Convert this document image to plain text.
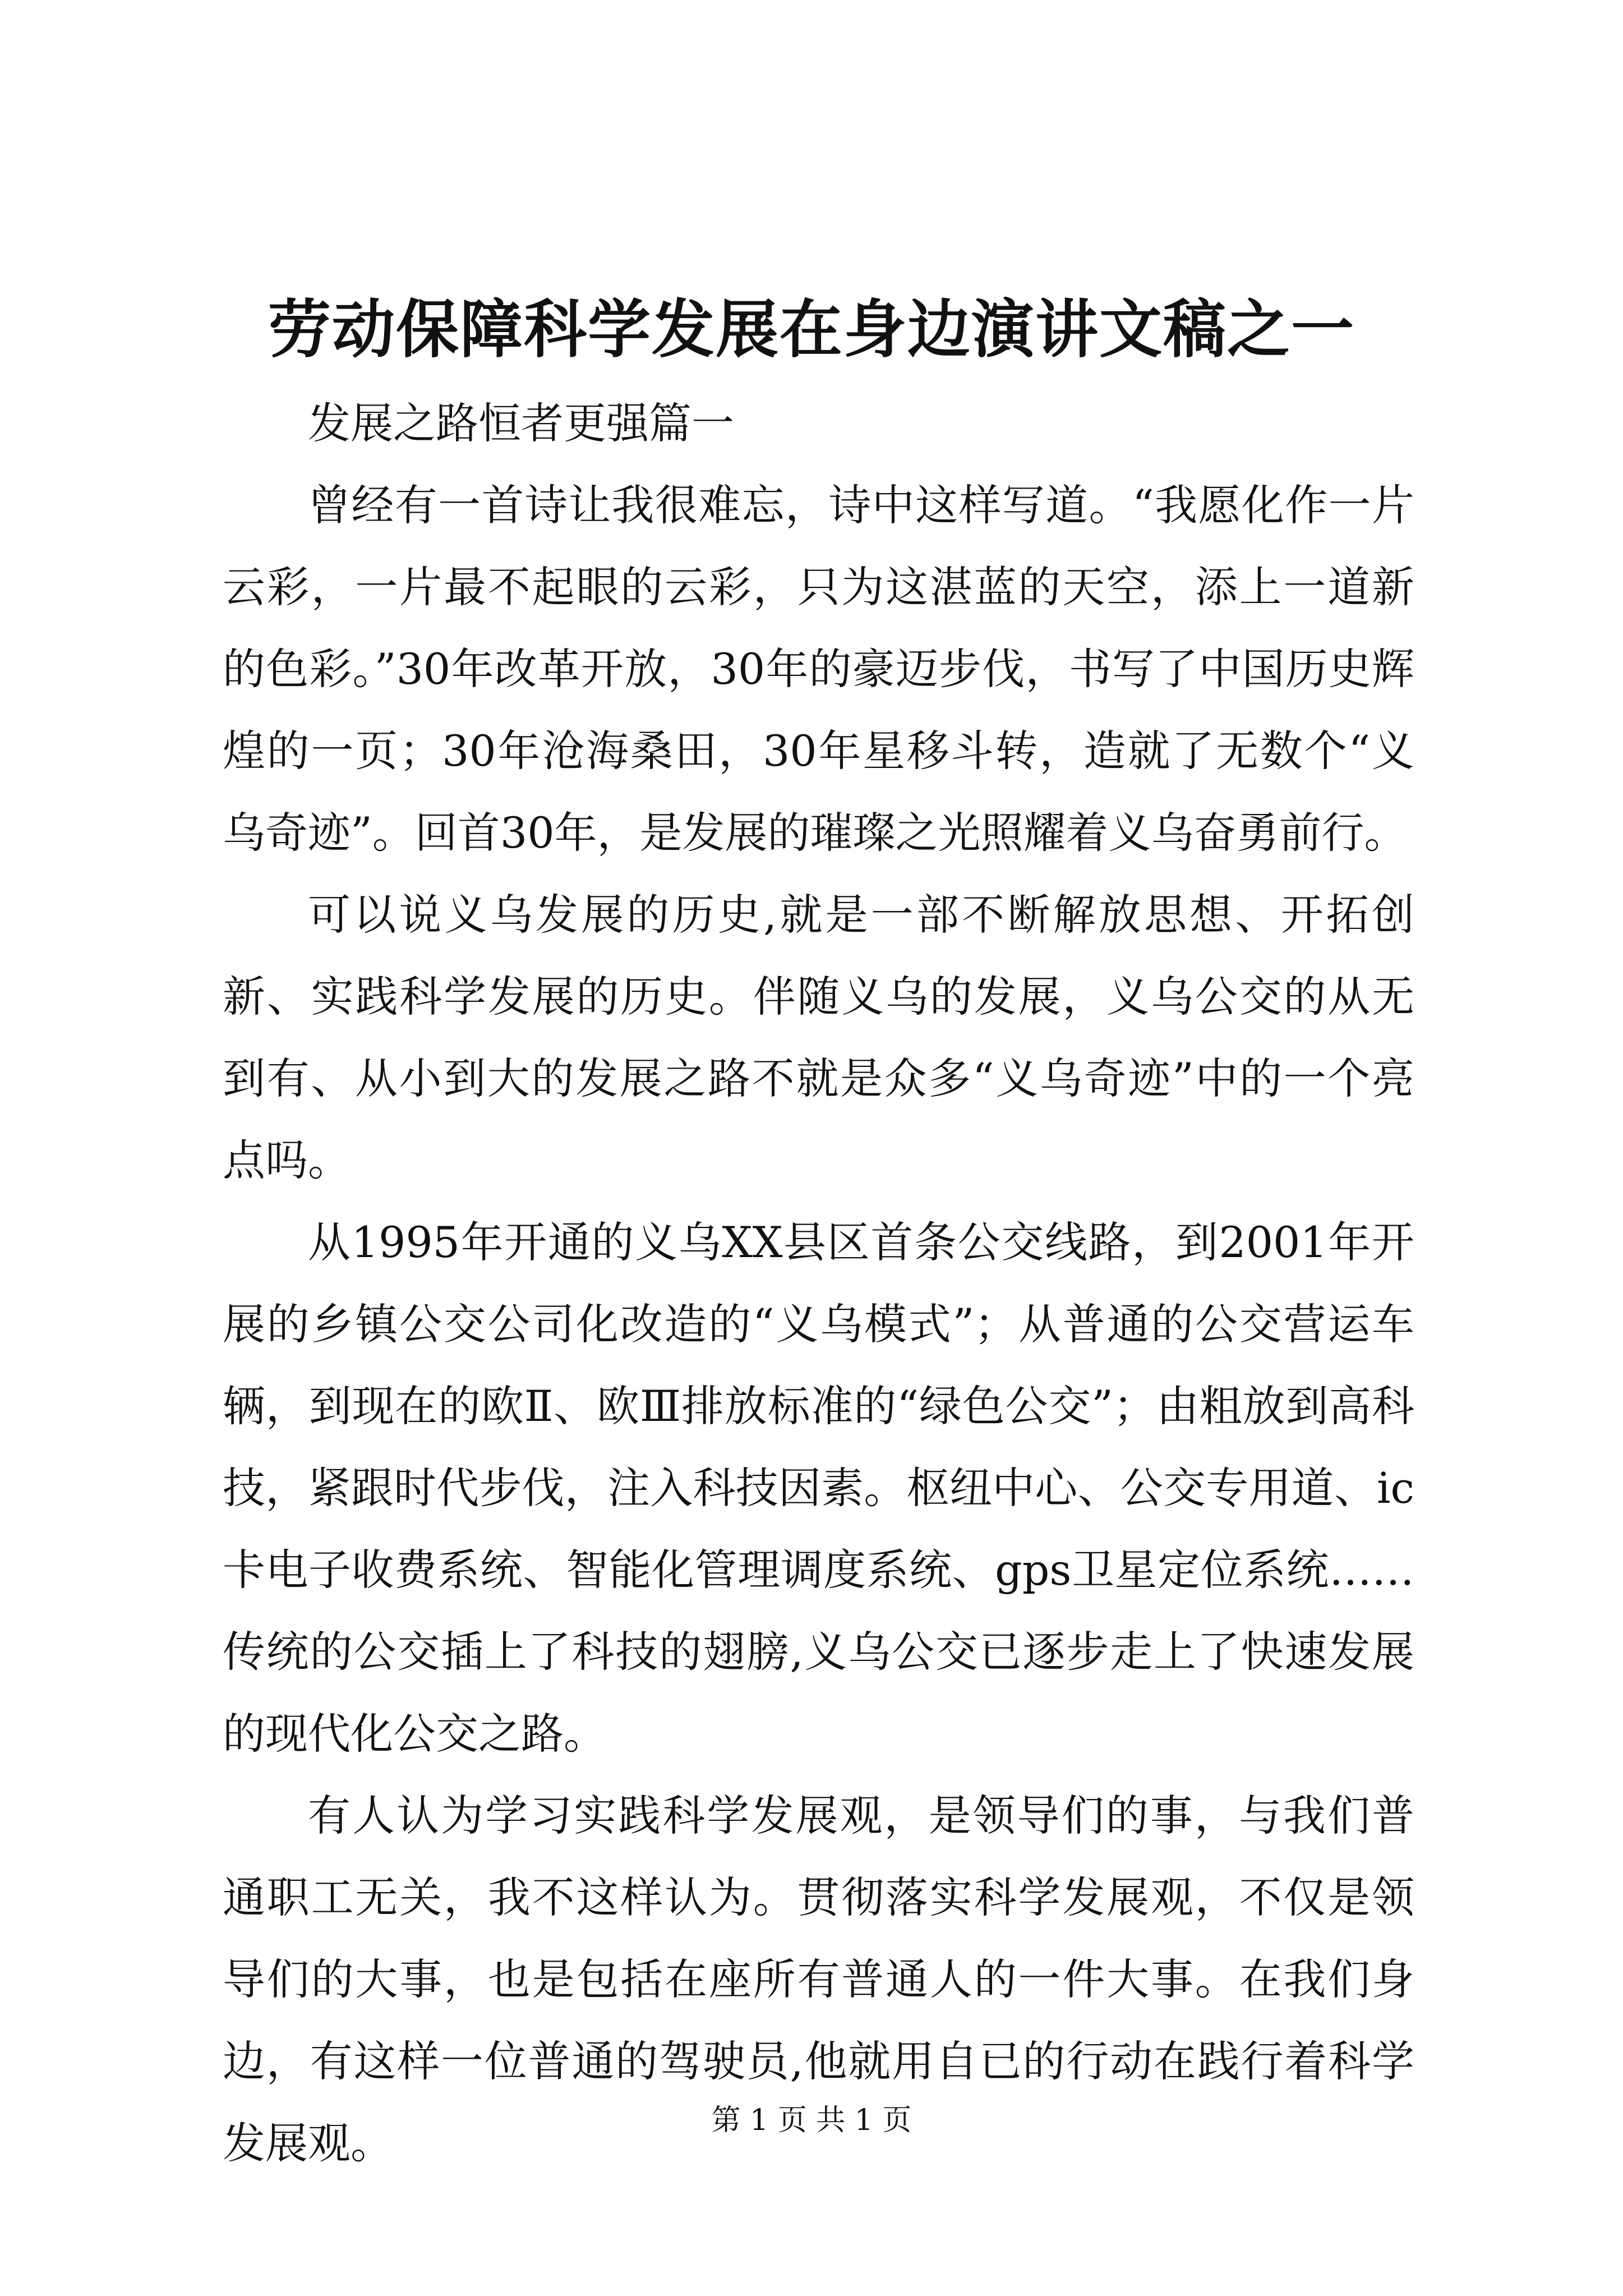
劳动保障科学发展在身边演讲文稿之一

发展之路恒者更强篇一

曾经有一首诗让我很难忘，诗中这样写道。“我愿化作一片云彩，一片最不起眼的云彩，只为这湛蓝的天空，添上一道新的色彩。”30年改革开放，30年的豪迈步伐，书写了中国历史辉煌的一页；30年沧海桑田，30年星移斗转，造就了无数个“义乌奇迹”。回首30年，是发展的璀璨之光照耀着义乌奋勇前行。

可以说义乌发展的历史,就是一部不断解放思想、开拓创新、实践科学发展的历史。伴随义乌的发展，义乌公交的从无到有、从小到大的发展之路不就是众多“义乌奇迹”中的一个亮点吗。

从1995年开通的义乌XX县区首条公交线路，到2001年开展的乡镇公交公司化改造的“义乌模式”；从普通的公交营运车辆，到现在的欧Ⅱ、欧Ⅲ排放标准的“绿色公交”；由粗放到高科技，紧跟时代步伐，注入科技因素。枢纽中心、公交专用道、ic卡电子收费系统、智能化管理调度系统、gps卫星定位系统……传统的公交插上了科技的翅膀,义乌公交已逐步走上了快速发展的现代化公交之路。

有人认为学习实践科学发展观，是领导们的事，与我们普通职工无关，我不这样认为。贯彻落实科学发展观，不仅是领导们的大事，也是包括在座所有普通人的一件大事。在我们身边，有这样一位普通的驾驶员,他就用自已的行动在践行着科学发展观。	第 1 页 共 1 页
